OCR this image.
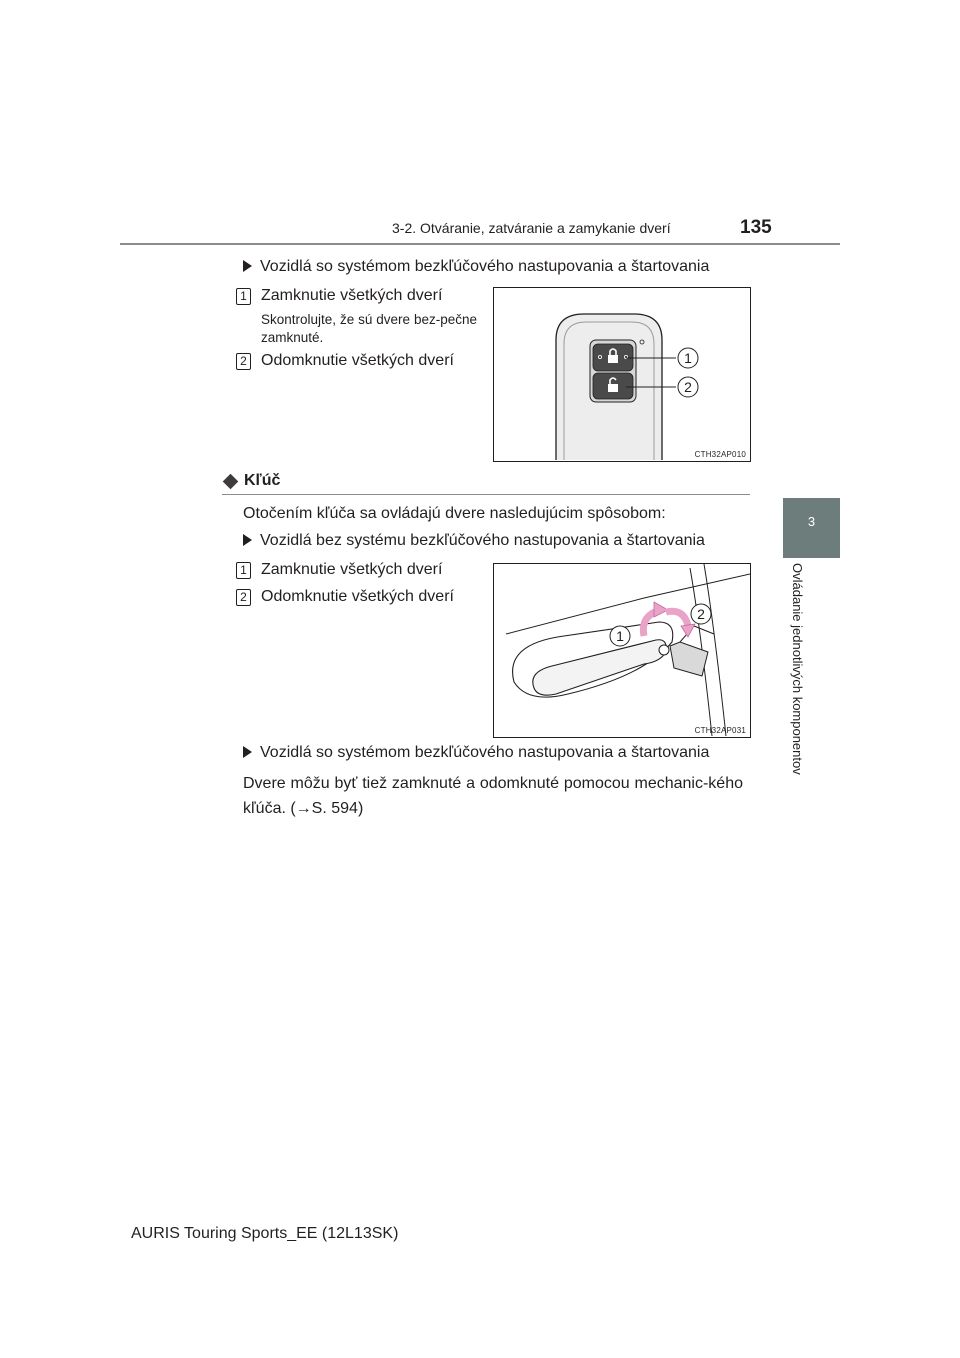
3-2. Otváranie, zatváranie a zamykanie dverí	135
3
Ovládanie jednotlivých komponentov
Vozidlá so systémom bezkľúčového nastupovania a štartovania
1 Zamknutie všetkých dverí
Skontrolujte, že sú dvere bez-pečne zamknuté.
2 Odomknutie všetkých dverí	1
2
CTH32AP010
Kľúč
Otočením kľúča sa ovládajú dvere nasledujúcim spôsobom:
Vozidlá bez systému bezkľúčového nastupovania a štartovania
1 Zamknutie všetkých dverí
2 Odomknutie všetkých dverí
1
2
CTH32AP031
Vozidlá so systémom bezkľúčového nastupovania a štartovania
Dvere môžu byť tiež zamknuté a odomknuté pomocou mechanic-kého kľúča. (→S. 594)
AURIS Touring Sports_EE (12L13SK)
